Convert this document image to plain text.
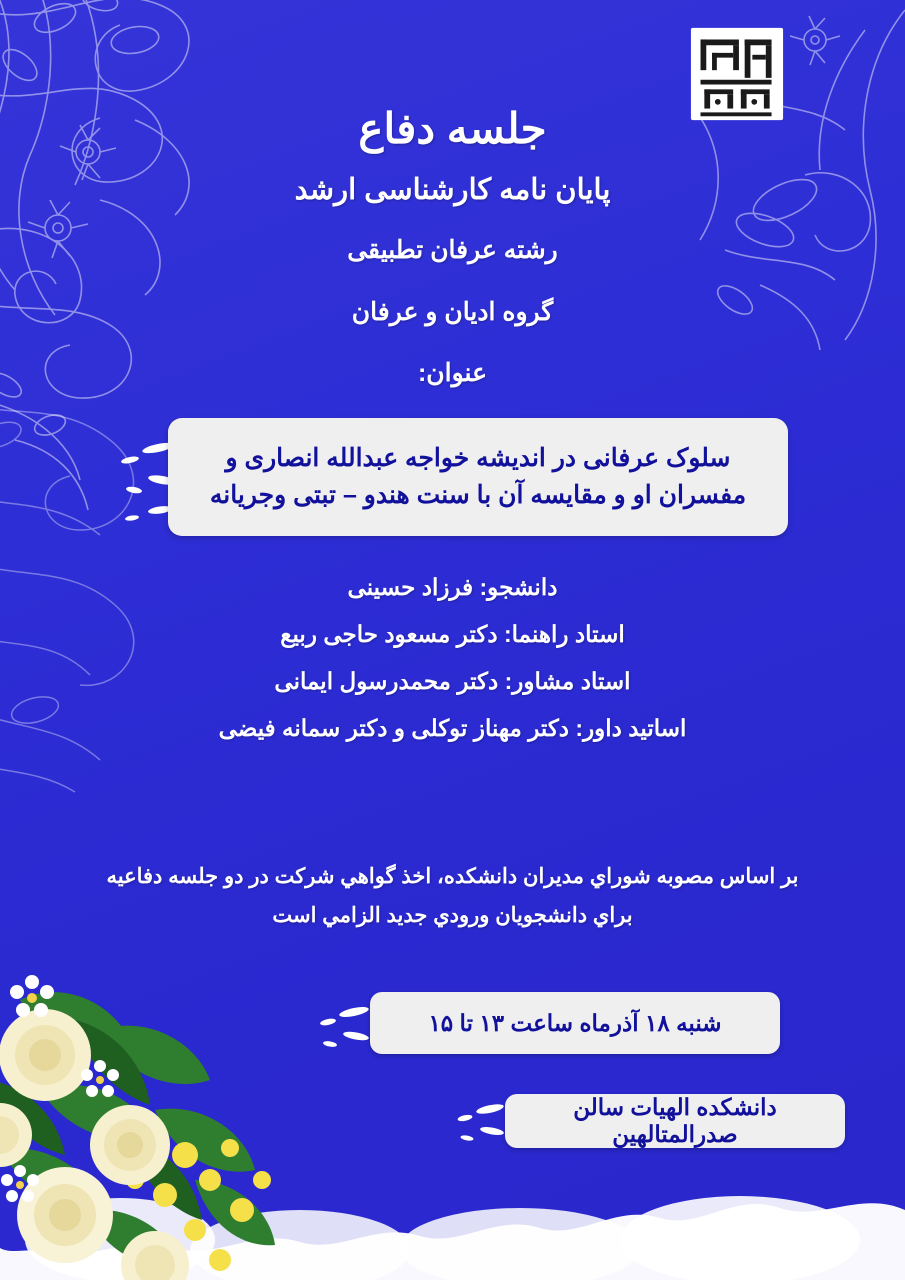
جلسه دفاع
پایان نامه کارشناسی ارشد
رشته عرفان تطبیقی
گروه ادیان و عرفان
عنوان:
سلوک عرفانی در اندیشه خواجه عبدالله انصاری و
مفسران او و مقایسه آن با سنت هندو – تبتی وجریانه
دانشجو: فرزاد حسینی
استاد راهنما: دکتر مسعود حاجی ربیع
استاد مشاور: دکتر محمدرسول ایمانی
اساتید داور: دکتر مهناز توکلی و دکتر سمانه فیضی
بر اساس مصوبه شوراي مديران دانشكده، اخذ گواهي شركت در دو جلسه دفاعيه
براي دانشجويان ورودي جديد الزامي است
شنبه ۱۸ آذرماه ساعت ۱۳ تا ۱۵
دانشکده الهیات سالن صدرالمتالهین
